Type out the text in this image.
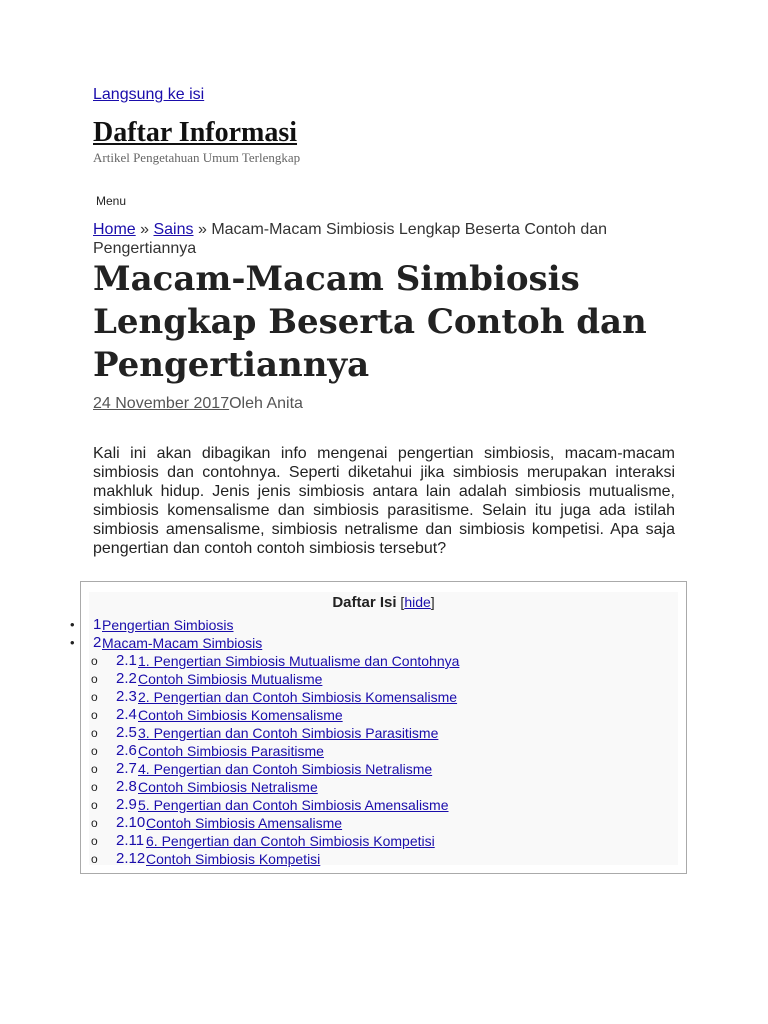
Langsung ke isi
Daftar Informasi
Artikel Pengetahuan Umum Terlengkap
Menu
Home » Sains » Macam-Macam Simbiosis Lengkap Beserta Contoh dan Pengertiannya
Macam-Macam Simbiosis Lengkap Beserta Contoh dan Pengertiannya
24 November 2017Oleh Anita

Kali ini akan dibagikan info mengenai pengertian simbiosis, macam-macam simbiosis dan contohnya. Seperti diketahui jika simbiosis merupakan interaksi makhluk hidup. Jenis jenis simbiosis antara lain adalah simbiosis mutualisme, simbiosis komensalisme dan simbiosis parasitisme. Selain itu juga ada istilah simbiosis amensalisme, simbiosis netralisme dan simbiosis kompetisi. Apa saja pengertian dan contoh contoh simbiosis tersebut?

Daftar Isi [hide]
• 1 Pengertian Simbiosis
• 2 Macam-Macam Simbiosis
o 2.1 1. Pengertian Simbiosis Mutualisme dan Contohnya
o 2.2 Contoh Simbiosis Mutualisme
o 2.3 2. Pengertian dan Contoh Simbiosis Komensalisme
o 2.4 Contoh Simbiosis Komensalisme
o 2.5 3. Pengertian dan Contoh Simbiosis Parasitisme
o 2.6 Contoh Simbiosis Parasitisme
o 2.7 4. Pengertian dan Contoh Simbiosis Netralisme
o 2.8 Contoh Simbiosis Netralisme
o 2.9 5. Pengertian dan Contoh Simbiosis Amensalisme
o 2.10 Contoh Simbiosis Amensalisme
o 2.11 6. Pengertian dan Contoh Simbiosis Kompetisi
o 2.12 Contoh Simbiosis Kompetisi
